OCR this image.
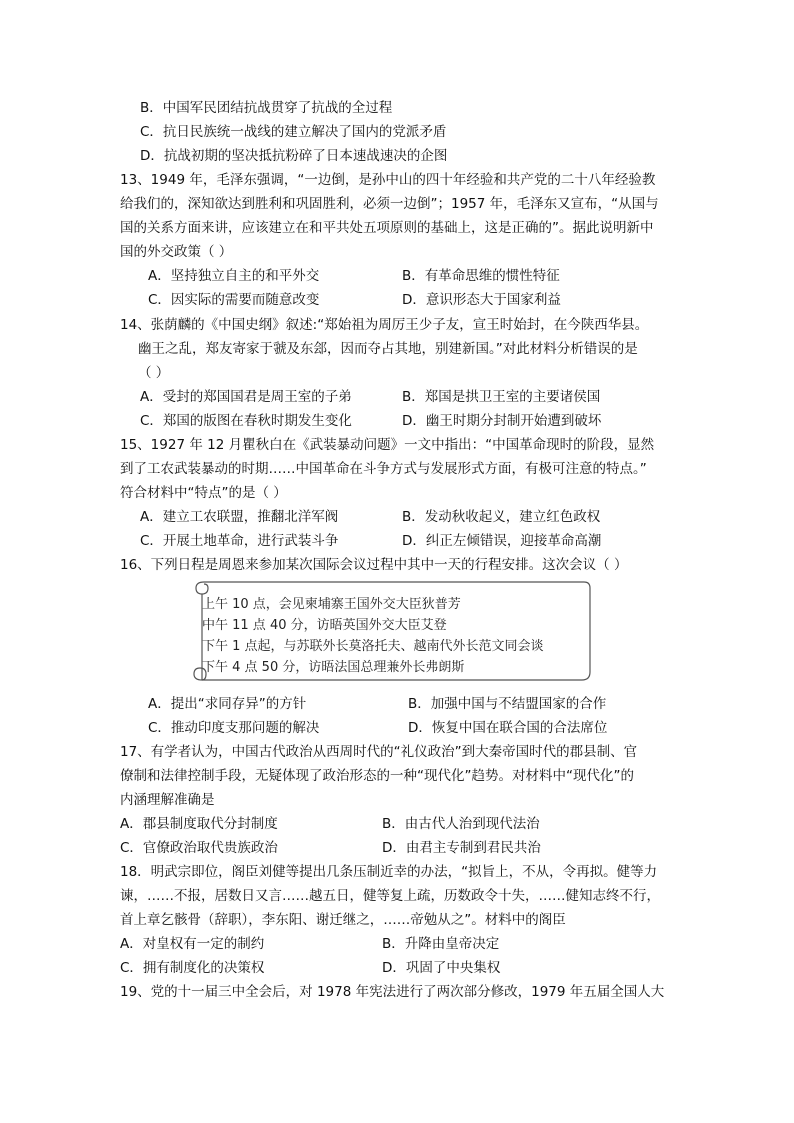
B．中国军民团结抗战贯穿了抗战的全过程
C．抗日民族统一战线的建立解决了国内的党派矛盾
D．抗战初期的坚决抵抗粉碎了日本速战速决的企图
13、1949 年，毛泽东强调，“一边倒，是孙中山的四十年经验和共产党的二十八年经验教
给我们的，深知欲达到胜利和巩固胜利，必须一边倒”；1957 年，毛泽东又宣布，“从国与
国的关系方面来讲，应该建立在和平共处五项原则的基础上，这是正确的”。据此说明新中
国的外交政策（ ）
A．坚持独立自主的和平外交	B．有革命思维的惯性特征
C．因实际的需要而随意改变	D．意识形态大于国家利益
14、张荫麟的《中国史纲》叙述:“郑始祖为周厉王少子友，宣王时始封，在今陕西华县。
幽王之乱，郑友寄家于虢及东郐，因而夺占其地，别建新国。”对此材料分析错误的是
（ ）
A．受封的郑国国君是周王室的子弟	B．郑国是拱卫王室的主要诸侯国
C．郑国的版图在春秋时期发生变化	D．幽王时期分封制开始遭到破坏
15、1927 年 12 月瞿秋白在《武装暴动问题》一文中指出：“中国革命现时的阶段，显然
到了工农武装暴动的时期……中国革命在斗争方式与发展形式方面，有极可注意的特点。”
符合材料中“特点”的是（ ）
A．建立工农联盟，推翻北洋军阀	B．发动秋收起义，建立红色政权
C．开展土地革命，进行武装斗争	D．纠正左倾错误，迎接革命高潮
16、下列日程是周恩来参加某次国际会议过程中其中一天的行程安排。这次会议（ ）
上午 10 点，会见柬埔寨王国外交大臣狄普芳
中午 11 点 40 分，访晤英国外交大臣艾登
下午 1 点起，与苏联外长莫洛托夫、越南代外长范文同会谈
下午 4 点 50 分，访晤法国总理兼外长弗朗斯
A．提出“求同存异”的方针	B．加强中国与不结盟国家的合作
C．推动印度支那问题的解决	D．恢复中国在联合国的合法席位
17、有学者认为，中国古代政治从西周时代的“礼仪政治”到大秦帝国时代的郡县制、官
僚制和法律控制手段，无疑体现了政治形态的一种“现代化”趋势。对材料中“现代化”的
内涵理解准确是
A．郡县制度取代分封制度	B．由古代人治到现代法治
C．官僚政治取代贵族政治	D．由君主专制到君民共治
18．明武宗即位，阁臣刘健等提出几条压制近幸的办法，“拟旨上，不从，令再拟。健等力
谏，……不报，居数日又言……越五日，健等复上疏，历数政令十失，……健知志终不行，
首上章乞骸骨（辞职），李东阳、谢迁继之，……帝勉从之”。材料中的阁臣
A．对皇权有一定的制约	B．升降由皇帝决定
C．拥有制度化的决策权	D．巩固了中央集权
19、党的十一届三中全会后，对 1978 年宪法进行了两次部分修改，1979 年五届全国人大
